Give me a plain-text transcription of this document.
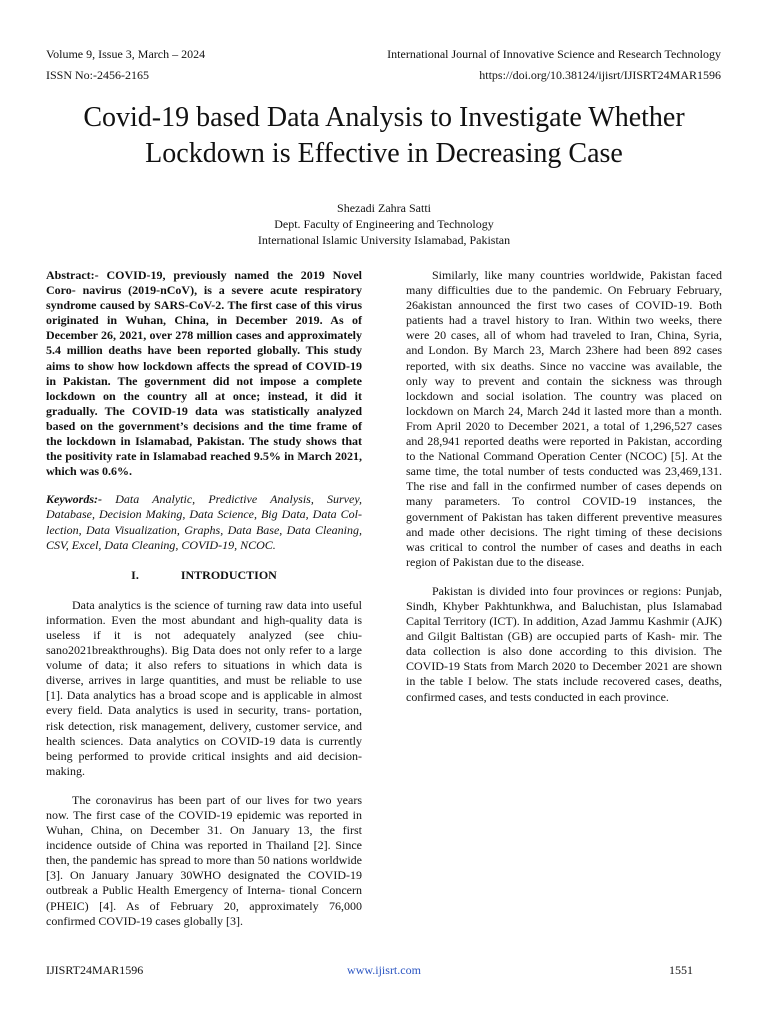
Volume 9, Issue 3, March – 2024	International Journal of Innovative Science and Research Technology
ISSN No:-2456-2165	https://doi.org/10.38124/ijisrt/IJISRT24MAR1596
Covid-19 based Data Analysis to Investigate Whether
Lockdown is Effective in Decreasing Case
Shezadi Zahra Satti
Dept. Faculty of Engineering and Technology
International Islamic University Islamabad, Pakistan

Abstract:- COVID-19, previously named the 2019 Novel Coro- navirus (2019-nCoV), is a severe acute respiratory syndrome caused by SARS-CoV-2. The first case of this virus originated in Wuhan, China, in December 2019. As of December 26, 2021, over 278 million cases and approximately 5.4 million deaths have been reported globally. This study aims to show how lockdown affects the spread of COVID-19 in Pakistan. The government did not impose a complete lockdown on the country all at once; instead, it did it gradually. The COVID-19 data was statistically analyzed based on the government’s decisions and the time frame of the lockdown in Islamabad, Pakistan. The study shows that the positivity rate in Islamabad reached 9.5% in March 2021, which was 0.6%.

Keywords:- Data Analytic, Predictive Analysis, Survey, Database, Decision Making, Data Science, Big Data, Data Col- lection, Data Visualization, Graphs, Data Base, Data Cleaning, CSV, Excel, Data Cleaning, COVID-19, NCOC.

I.	INTRODUCTION

Data analytics is the science of turning raw data into useful information. Even the most abundant and high-quality data is useless if it is not adequately analyzed (see chiu- sano2021breakthroughs). Big Data does not only refer to a large volume of data; it also refers to situations in which data is diverse, arrives in large quantities, and must be reliable to use [1]. Data analytics has a broad scope and is applicable in almost every field. Data analytics is used in security, trans- portation, risk detection, risk management, delivery, customer service, and health sciences. Data analytics on COVID-19 data is currently being performed to provide critical insights and aid decision-making.

The coronavirus has been part of our lives for two years now. The first case of the COVID-19 epidemic was reported in Wuhan, China, on December 31. On January 13, the first incidence outside of China was reported in Thailand [2]. Since then, the pandemic has spread to more than 50 nations worldwide [3]. On January January 30WHO designated the COVID-19 outbreak a Public Health Emergency of Interna- tional Concern (PHEIC) [4]. As of February 20, approximately 76,000 confirmed COVID-19 cases globally [3].

Similarly, like many countries worldwide, Pakistan faced many difficulties due to the pandemic. On February February, 26akistan announced the first two cases of COVID-19. Both patients had a travel history to Iran. Within two weeks, there were 20 cases, all of whom had traveled to Iran, China, Syria, and London. By March 23, March 23here had been 892 cases reported, with six deaths. Since no vaccine was available, the only way to prevent and contain the sickness was through lockdown and social isolation. The country was placed on lockdown on March 24, March 24d it lasted more than a month. From April 2020 to December 2021, a total of 1,296,527 cases and 28,941 reported deaths were reported in Pakistan, according to the National Command Operation Center (NCOC) [5]. At the same time, the total number of tests conducted was 23,469,131. The rise and fall in the confirmed number of cases depends on many parameters. To control COVID-19 instances, the government of Pakistan has taken different preventive measures and made other decisions. The right timing of these decisions was critical to control the number of cases and deaths in each region of Pakistan due to the disease.

Pakistan is divided into four provinces or regions: Punjab, Sindh, Khyber Pakhtunkhwa, and Baluchistan, plus Islamabad Capital Territory (ICT). In addition, Azad Jammu Kashmir (AJK) and Gilgit Baltistan (GB) are occupied parts of Kash- mir. The data collection is also done according to this division. The COVID-19 Stats from March 2020 to December 2021 are shown in the table I below. The stats include recovered cases, deaths, confirmed cases, and tests conducted in each province.

IJISRT24MAR1596	www.ijisrt.com	1551
